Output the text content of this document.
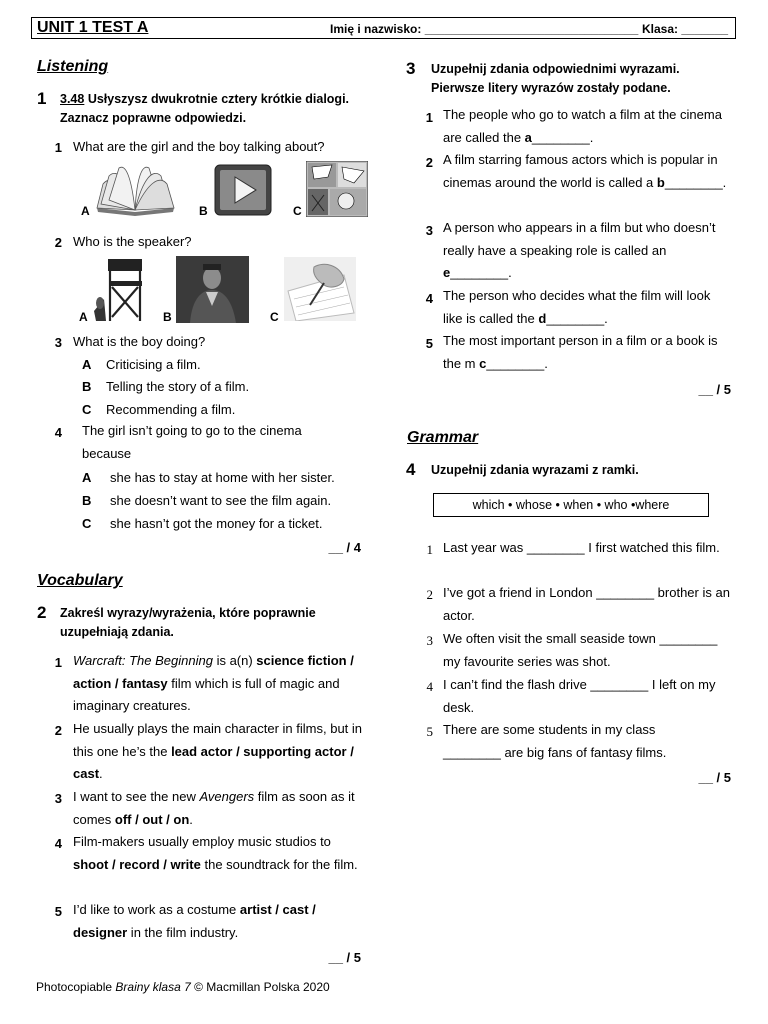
UNIT 1 TEST A	Imię i nazwisko: ________________________________ Klasa: _______
Listening
1 3.48 Usłyszysz dwukrotnie cztery krótkie dialogi. Zaznacz poprawne odpowiedzi.
1 What are the girl and the boy talking about?
A	B	C
2 Who is the speaker?
A	B	C
3 What is the boy doing?
A Criticising a film.
B Telling the story of a film.
C Recommending a film.
4 The girl isn’t going to go to the cinema because
A she has to stay at home with her sister.
B she doesn’t want to see the film again.
C she hasn’t got the money for a ticket.
__ / 4
Vocabulary
2 Zakreśl wyrazy/wyrażenia, które poprawnie uzupełniają zdania.
1 Warcraft: The Beginning is a(n) science fiction / action / fantasy film which is full of magic and imaginary creatures.
2 He usually plays the main character in films, but in this one he’s the lead actor / supporting actor / cast.
3 I want to see the new Avengers film as soon as it comes off / out / on.
4 Film-makers usually employ music studios to shoot / record / write the soundtrack for the film.
5 I’d like to work as a costume artist / cast / designer in the film industry.
__ / 5
3 Uzupełnij zdania odpowiednimi wyrazami. Pierwsze litery wyrazów zostały podane.
1 The people who go to watch a film at the cinema are called the a________.
2 A film starring famous actors which is popular in cinemas around the world is called a b________.
3 A person who appears in a film but who doesn’t really have a speaking role is called an e________.
4 The person who decides what the film will look like is called the d________.
5 The most important person in a film or a book is the m c________.
__ / 5
Grammar
4 Uzupełnij zdania wyrazami z ramki.
which • whose • when • who •where
1 Last year was ________ I first watched this film.
2 I’ve got a friend in London ________ brother is an actor.
3 We often visit the small seaside town ________ my favourite series was shot.
4 I can’t find the flash drive ________ I left on my desk.
5 There are some students in my class ________ are big fans of fantasy films.
__ / 5
Photocopiable Brainy klasa 7 © Macmillan Polska 2020
